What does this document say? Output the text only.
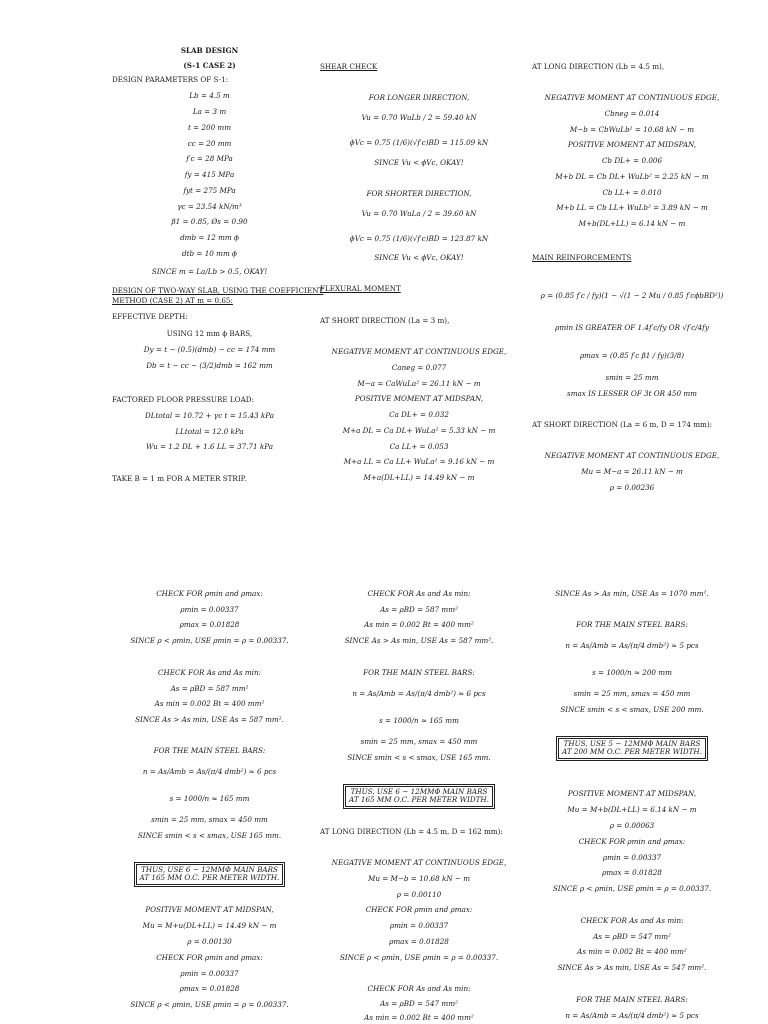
SLAB DESIGN
(S-1 CASE 2)
DESIGN PARAMETERS OF S-1:
Lb = 4.5 m
La = 3 m
t = 200 mm
cc = 20 mm
f′c = 28 MPa
fy = 415 MPa
fyt = 275 MPa
γc = 23.54 kN/m³
β1 = 0.85, Øs = 0.90
dmb = 12 mm ϕ
dtb = 10 mm ϕ
SINCE m = La/Lb > 0.5, OKAY!
DESIGN OF TWO-WAY SLAB, USING THE COEFFICIENT
METHOD (CASE 2) AT m = 0.65:
EFFECTIVE DEPTH:
USING 12 mm ϕ BARS,
Dy = t − (0.5)(dmb) − cc = 174 mm
Db = t − cc − (3/2)dmb = 162 mm
FACTORED FLOOR PRESSURE LOAD:
DLtotal = 10.72 + γc t = 15.43 kPa
LLtotal = 12.0 kPa
Wu = 1.2 DL + 1.6 LL = 37.71 kPa
TAKE B = 1 m FOR A METER STRIP.
CHECK FOR ρmin and ρmax:
ρmin = 0.00337
ρmax = 0.01828
SINCE ρ < ρmin, USE ρmin = ρ = 0.00337.
CHECK FOR As and As min:
As = ρBD = 587 mm²
As min = 0.002 Bt = 400 mm²
SINCE As > As min, USE As = 587 mm².
FOR THE MAIN STEEL BARS:
n = As/Amb = As/(π/4 dmb²) ≈ 6 pcs
s = 1000/n ≈ 165 mm
smin = 25 mm, smax = 450 mm
SINCE smin < s < smax, USE 165 mm.
THUS, USE 6 − 12MMΦ MAIN BARS
AT 165 MM O.C. PER METER WIDTH.
POSITIVE MOMENT AT MIDSPAN,
Mu = M+u(DL+LL) = 14.49 kN − m
ρ = 0.00130
CHECK FOR ρmin and ρmax:
ρmin = 0.00337
ρmax = 0.01828
SINCE ρ < ρmin, USE ρmin = ρ = 0.00337.
SHEAR CHECK
FOR LONGER DIRECTION,
Vu = 0.70 WuLb / 2 = 59.40 kN
ϕVc = 0.75 (1/6)(√f′c)BD = 115.09 kN
SINCE Vu < ϕVc, OKAY!
FOR SHORTER DIRECTION,
Vu = 0.70 WuLa / 2 = 39.60 kN
ϕVc = 0.75 (1/6)(√f′c)BD = 123.87 kN
SINCE Vu < ϕVc, OKAY!
FLEXURAL MOMENT
AT SHORT DIRECTION (La = 3 m),
NEGATIVE MOMENT AT CONTINUOUS EDGE,
Caneg = 0.077
M−a = CaWuLa² = 26.11 kN − m
POSITIVE MOMENT AT MIDSPAN,
Ca DL+ = 0.032
M+a DL = Ca DL+ WuLa² = 5.33 kN − m
Ca LL+ = 0.053
M+a LL = Ca LL+ WuLa² = 9.16 kN − m
M+a(DL+LL) = 14.49 kN − m
CHECK FOR As and As min:
As = ρBD = 587 mm²
As min = 0.002 Bt = 400 mm²
SINCE As > As min, USE As = 587 mm².
FOR THE MAIN STEEL BARS:
n = As/Amb = As/(π/4 dmb²) ≈ 6 pcs
s = 1000/n ≈ 165 mm
smin = 25 mm, smax = 450 mm
SINCE smin < s < smax, USE 165 mm.
THUS, USE 6 − 12MMΦ MAIN BARS
AT 165 MM O.C. PER METER WIDTH.
AT LONG DIRECTION (Lb = 4.5 m, D = 162 mm):
NEGATIVE MOMENT AT CONTINUOUS EDGE,
Mu = M−b = 10.68 kN − m
ρ = 0.00110
CHECK FOR ρmin and ρmax:
ρmin = 0.00337
ρmax = 0.01828
SINCE ρ < ρmin, USE ρmin = ρ = 0.00337.
CHECK FOR As and As min:
As = ρBD = 547 mm²
As min = 0.002 Bt = 400 mm²
AT LONG DIRECTION (Lb = 4.5 m),
NEGATIVE MOMENT AT CONTINUOUS EDGE,
Cbneg = 0.014
M−b = CbWuLb² = 10.68 kN − m
POSITIVE MOMENT AT MIDSPAN,
Cb DL+ = 0.006
M+b DL = Cb DL+ WuLb² = 2.25 kN − m
Cb LL+ = 0.010
M+b LL = Cb LL+ WuLb² = 3.89 kN − m
M+b(DL+LL) = 6.14 kN − m
MAIN REINFORCEMENTS
ρ = (0.85 f′c / fy)(1 − √(1 − 2 Mu / 0.85 f′cϕbBD²))
ρmin IS GREATER OF 1.4f′c/fy OR √f′c/4fy
ρmax = (0.85 f′c β1 / fy)(3/8)
smin = 25 mm
smax IS LESSER OF 3t OR 450 mm
AT SHORT DIRECTION (La = 6 m, D = 174 mm):
NEGATIVE MOMENT AT CONTINUOUS EDGE,
Mu = M−a = 26.11 kN − m
ρ = 0.00236
SINCE As > As min, USE As = 1070 mm².
FOR THE MAIN STEEL BARS:
n = As/Amb = As/(π/4 dmb²) ≈ 5 pcs
s = 1000/n ≈ 200 mm
smin = 25 mm, smax = 450 mm
SINCE smin < s < smax, USE 200 mm.
THUS, USE 5 − 12MMΦ MAIN BARS
AT 200 MM O.C. PER METER WIDTH.
POSITIVE MOMENT AT MIDSPAN,
Mu = M+b(DL+LL) = 6.14 kN − m
ρ = 0.00063
CHECK FOR ρmin and ρmax:
ρmin = 0.00337
ρmax = 0.01828
SINCE ρ < ρmin, USE ρmin = ρ = 0.00337.
CHECK FOR As and As min:
As = ρBD = 547 mm²
As min = 0.002 Bt = 400 mm²
SINCE As > As min, USE As = 547 mm².
FOR THE MAIN STEEL BARS:
n = As/Amb = As/(π/4 dmb²) ≈ 5 pcs
